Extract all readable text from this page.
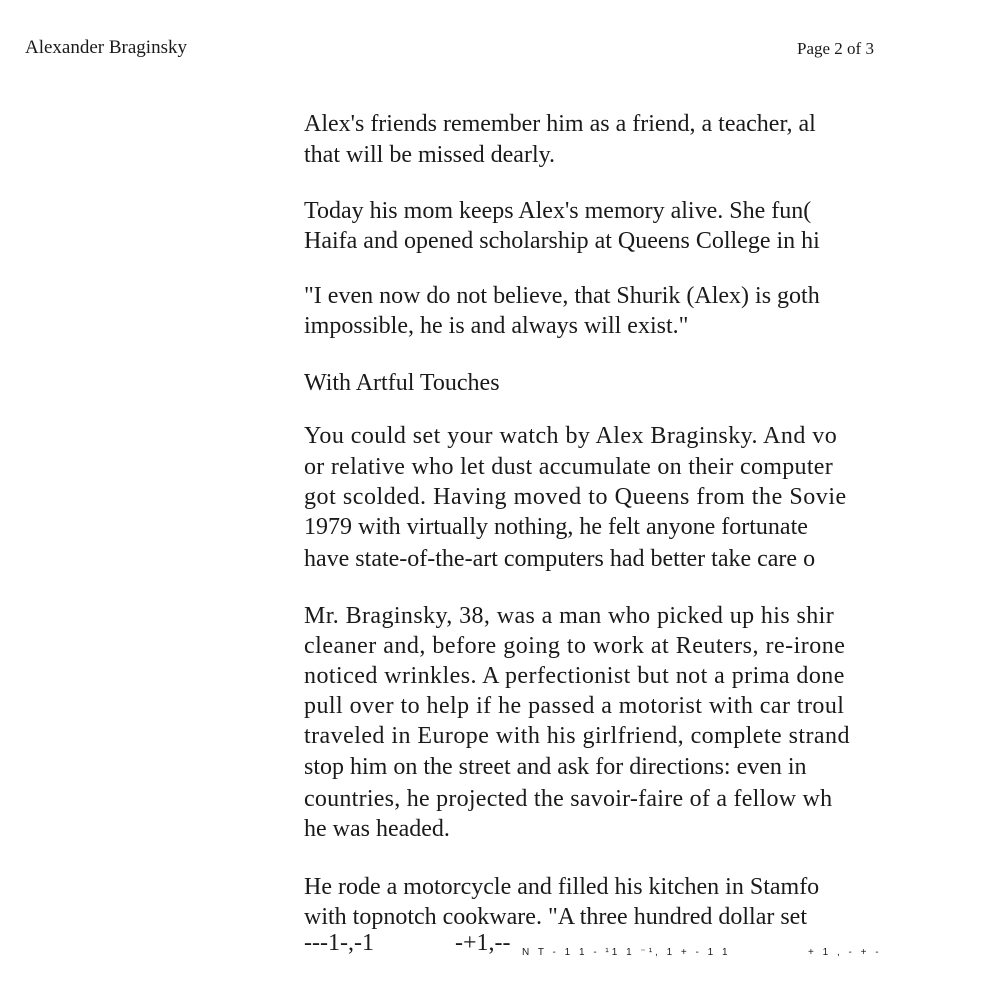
Alexander Braginsky	Page 2 of 3
Alex's friends remember him as a friend, a teacher, al
that will be missed dearly.
Today his mom keeps Alex's memory alive. She fun(
Haifa and opened scholarship at Queens College in hi
"I even now do not believe, that Shurik (Alex) is goth
impossible, he is and always will exist."
With Artful Touches
You could set your watch by Alex Braginsky. And vo
or relative who let dust accumulate on their computer
got scolded. Having moved to Queens from the Sovie
1979 with virtually nothing, he felt anyone fortunate
have state-of-the-art computers had better take care o
Mr. Braginsky, 38, was a man who picked up his shir
cleaner and, before going to work at Reuters, re-irone
noticed wrinkles. A perfectionist but not a prima done
pull over to help if he passed a motorist with car troul
traveled in Europe with his girlfriend, complete strand
stop him on the street and ask for directions: even in
countries, he projected the savoir-faire of a fellow wh
he was headed.
He rode a motorcycle and filled his kitchen in Stamfo
with topnotch cookware. "A three hundred dollar set
---1-,-1	-+1,-- N T - 1 1 - ¹1 1 ⁻¹, 1 + - 1 1	+ 1 , - + -
